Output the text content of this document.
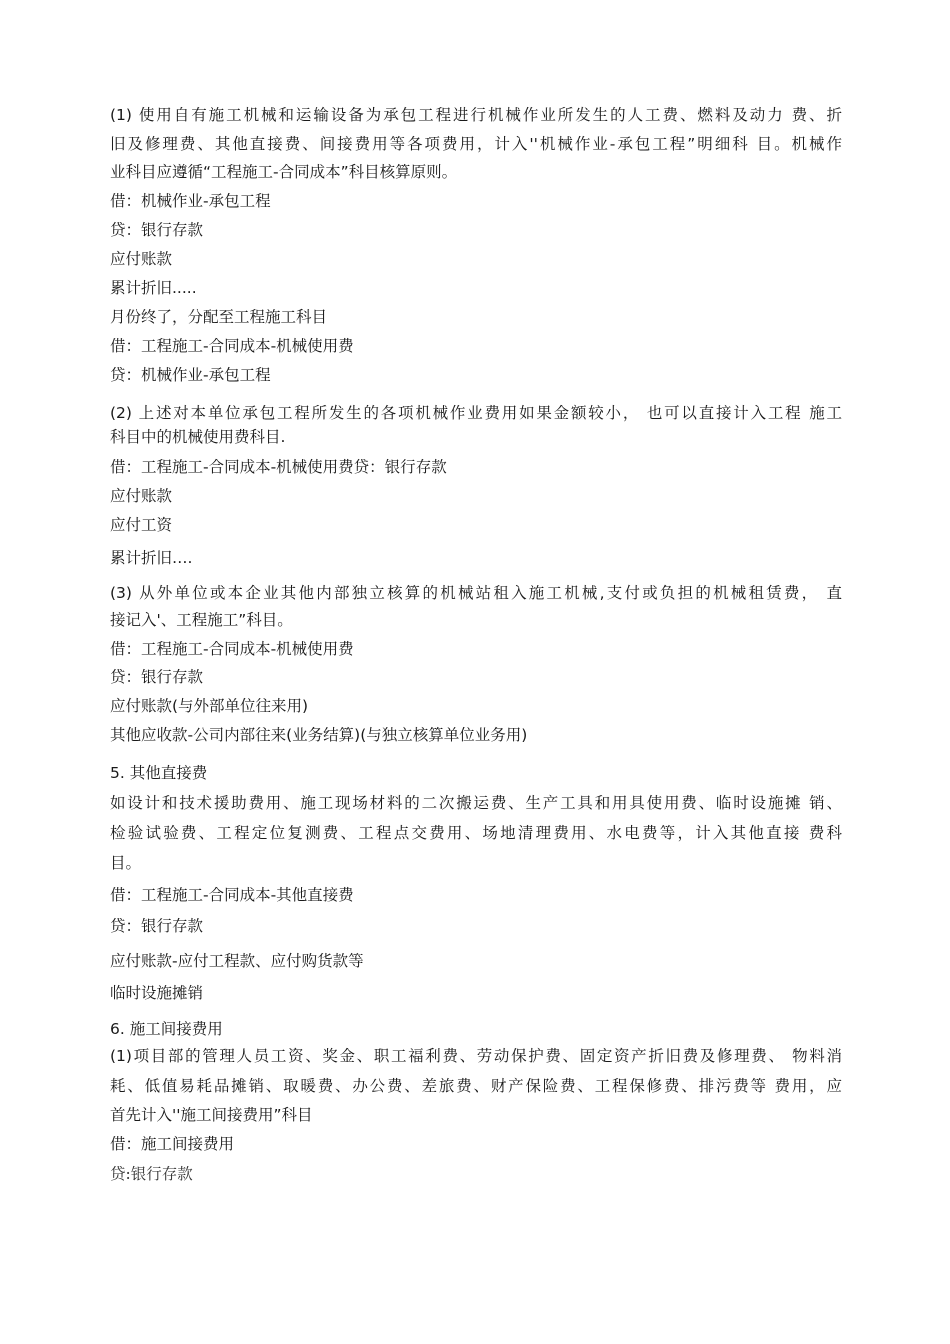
(1) 使用自有施工机械和运输设备为承包工程进行机械作业所发生的人工费、燃料及动力 费、折
旧及修理费、其他直接费、间接费用等各项费用，计入''机械作业-承包工程”明细科 目。机械作
业科目应遵循“工程施工-合同成本”科目核算原则。
借：机械作业-承包工程
贷：银行存款
应付账款
累计折旧.....
月份终了，分配至工程施工科目
借：工程施工-合同成本-机械使用费
贷：机械作业-承包工程
(2) 上述对本单位承包工程所发生的各项机械作业费用如果金额较小， 也可以直接计入工程 施工
科目中的机械使用费科目.
借：工程施工-合同成本-机械使用费贷：银行存款
应付账款
应付工资
累计折旧….
(3) 从外单位或本企业其他内部独立核算的机械站租入施工机械,支付或负担的机械租赁费， 直
接记入'、工程施工”科目。
借：工程施工-合同成本-机械使用费
贷：银行存款
应付账款(与外部单位往来用)
其他应收款-公司内部往来(业务结算)(与独立核算单位业务用)
5. 其他直接费
如设计和技术援助费用、施工现场材料的二次搬运费、生产工具和用具使用费、临时设施摊 销、
检验试验费、工程定位复测费、工程点交费用、场地清理费用、水电费等，计入其他直接 费科
目。
借：工程施工-合同成本-其他直接费
贷：银行存款
应付账款-应付工程款、应付购货款等
临时设施摊销
6. 施工间接费用
(1)项目部的管理人员工资、奖金、职工福利费、劳动保护费、固定资产折旧费及修理费、 物料消
耗、低值易耗品摊销、取暖费、办公费、差旅费、财产保险费、工程保修费、排污费等 费用，应
首先计入''施工间接费用”科目
借：施工间接费用
贷:银行存款
